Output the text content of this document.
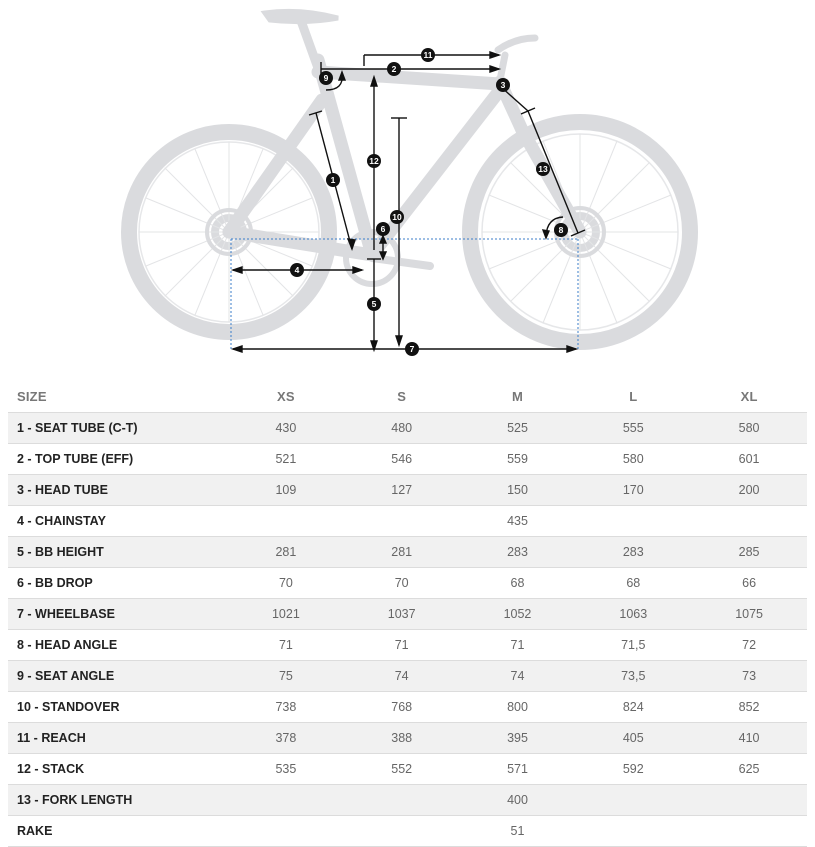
1
2
3
4
5
6
7
8
9
10
11
12
13
SIZE	XS	S	M	L	XL
1 - SEAT TUBE (C-T)	430	480	525	555	580
2 - TOP TUBE (EFF)	521	546	559	580	601
3 - HEAD TUBE	109	127	150	170	200
4 - CHAINSTAY			435		
5 - BB HEIGHT	281	281	283	283	285
6 - BB DROP	70	70	68	68	66
7 - WHEELBASE	1021	1037	1052	1063	1075
8 - HEAD ANGLE	71	71	71	71,5	72
9 - SEAT ANGLE	75	74	74	73,5	73
10 - STANDOVER	738	768	800	824	852
11 - REACH	378	388	395	405	410
12 - STACK	535	552	571	592	625
13 - FORK LENGTH			400		
RAKE			51		
